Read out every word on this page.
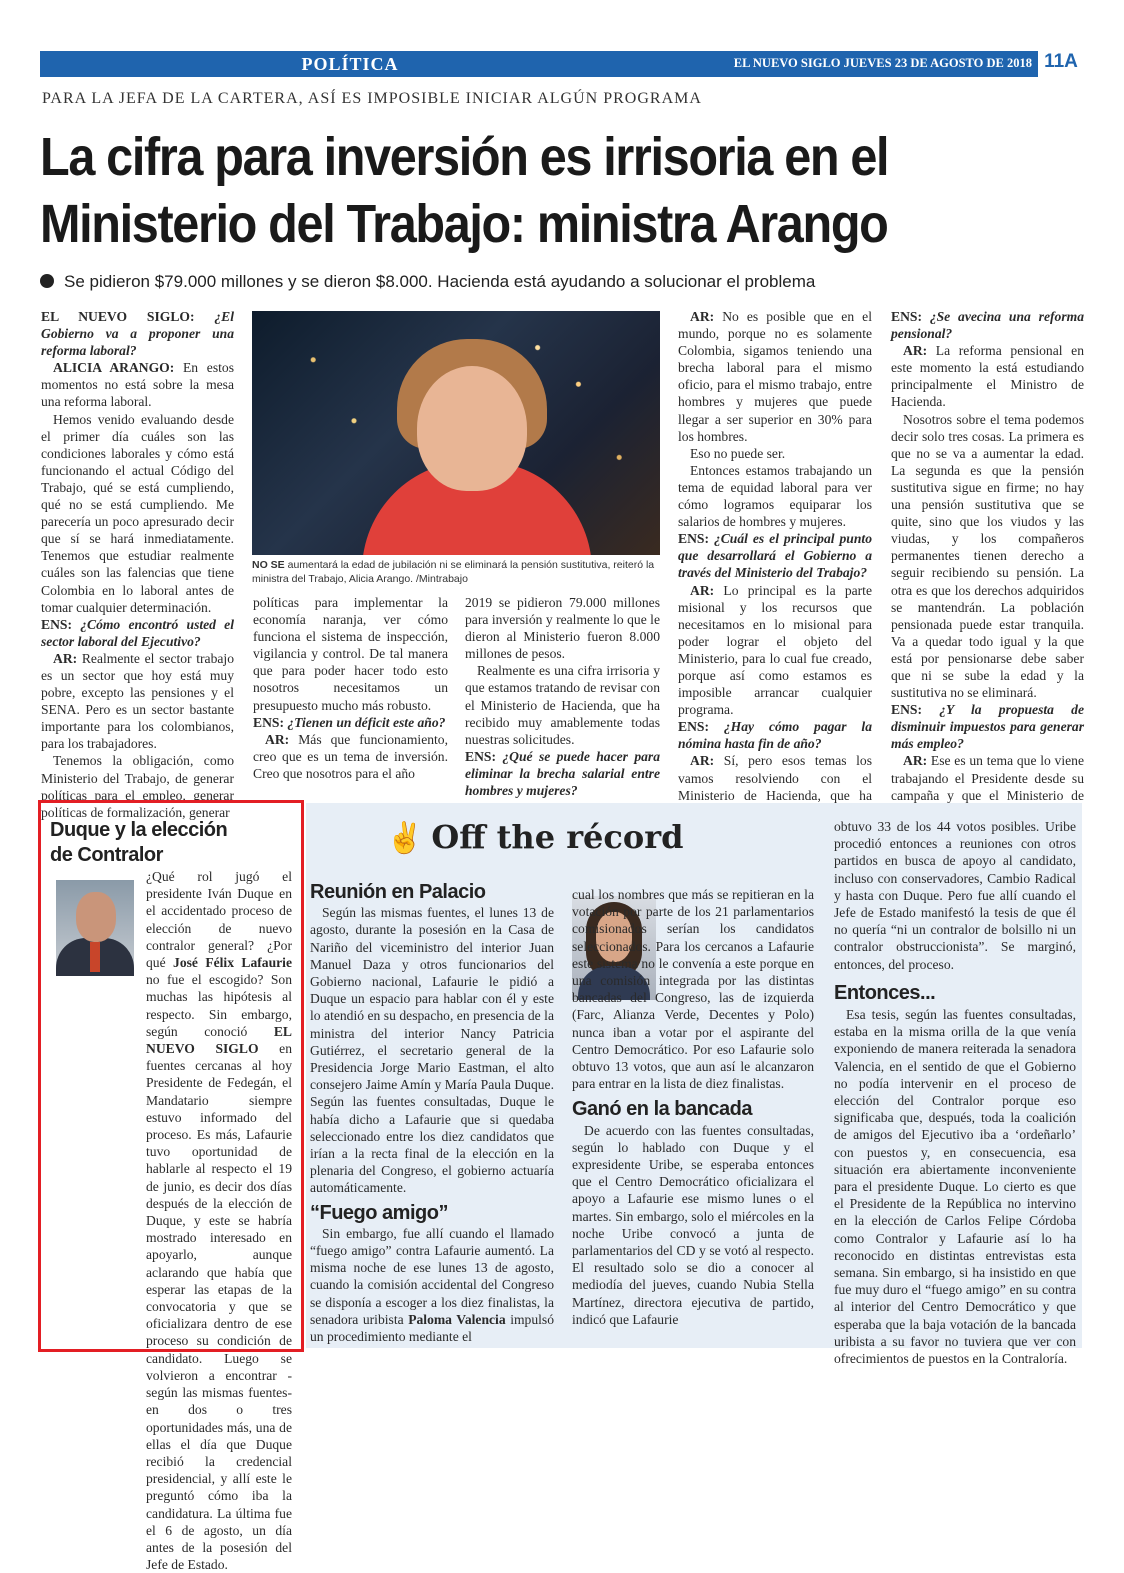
POLÍTICA	EL NUEVO SIGLO JUEVES 23 DE AGOSTO DE 2018 11A
PARA LA JEFA DE LA CARTERA, ASÍ ES IMPOSIBLE INICIAR ALGÚN PROGRAMA
La cifra para inversión es irrisoria en el
Ministerio del Trabajo: ministra Arango
Se pidieron $79.000 millones y se dieron $8.000. Hacienda está ayudando a solucionar el problema

EL NUEVO SIGLO: ¿El Gobierno va a proponer una reforma laboral?

ALICIA ARANGO: En estos momentos no está sobre la mesa una reforma laboral.

Hemos venido evaluando desde el primer día cuáles son las condiciones laborales y cómo está funcionando el actual Código del Trabajo, qué se está cumpliendo, qué no se está cumpliendo. Me parecería un poco apresurado decir que sí se hará inmediatamente. Tenemos que estudiar realmente cuáles son las falencias que tiene Colombia en lo laboral antes de tomar cualquier determinación.

ENS: ¿Cómo encontró usted el sector laboral del Ejecutivo?

AR: Realmente el sector trabajo es un sector que hoy está muy pobre, excepto las pensiones y el SENA. Pero es un sector bastante importante para los colombianos, para los trabajadores.

Tenemos la obligación, como Ministerio del Trabajo, de generar políticas para el empleo, generar políticas de formalización, generar

NO SE aumentará la edad de jubilación ni se eliminará la pensión sustitutiva, reiteró la ministra del Trabajo, Alicia Arango. /Mintrabajo

políticas para implementar la economía naranja, ver cómo funciona el sistema de inspección, vigilancia y control. De tal manera que para poder hacer todo esto nosotros necesitamos un presupuesto mucho más robusto.

ENS: ¿Tienen un déficit este año?

AR: Más que funcionamiento, creo que es un tema de inversión. Creo que nosotros para el año

2019 se pidieron 79.000 millones para inversión y realmente lo que le dieron al Ministerio fueron 8.000 millones de pesos.

Realmente es una cifra irrisoria y que estamos tratando de revisar con el Ministerio de Hacienda, que ha recibido muy amablemente todas nuestras solicitudes.

ENS: ¿Qué se puede hacer para eliminar la brecha salarial entre hombres y mujeres?

AR: No es posible que en el mundo, porque no es solamente Colombia, sigamos teniendo una brecha laboral para el mismo oficio, para el mismo trabajo, entre hombres y mujeres que puede llegar a ser superior en 30% para los hombres.

Eso no puede ser.

Entonces estamos trabajando un tema de equidad laboral para ver cómo logramos equiparar los salarios de hombres y mujeres.

ENS: ¿Cuál es el principal punto que desarrollará el Gobierno a través del Ministerio del Trabajo?

AR: Lo principal es la parte misional y los recursos que necesitamos en lo misional para poder lograr el objeto del Ministerio, para lo cual fue creado, porque así como estamos es imposible arrancar cualquier programa.

ENS: ¿Hay cómo pagar la nómina hasta fin de año?

AR: Sí, pero esos temas los vamos resolviendo con el Ministerio de Hacienda, que ha

ENS: ¿Se avecina una reforma pensional?

AR: La reforma pensional en este momento la está estudiando principalmente el Ministro de Hacienda.

Nosotros sobre el tema podemos decir solo tres cosas. La primera es que no se va a aumentar la edad. La segunda es que la pensión sustitutiva sigue en firme; no hay una pensión sustitutiva que se quite, sino que los viudos y las viudas, y los compañeros permanentes tienen derecho a seguir recibiendo su pensión. La otra es que los derechos adquiridos se mantendrán. La población pensionada puede estar tranquila. Va a quedar todo igual y la que está por pensionarse debe saber que ni se sube la edad y la sustitutiva no se eliminará.

ENS: ¿Y la propuesta de disminuir impuestos para generar más empleo?

AR: Ese es un tema que lo viene trabajando el Presidente desde su campaña y que el Ministerio de

Duque y la elección de Contralor

¿Qué rol jugó el presidente Iván Duque en el accidentado proceso de elección de nuevo contralor general? ¿Por qué José Félix Lafaurie no fue el escogido? Son muchas las hipótesis al respecto. Sin embargo, según conoció EL NUEVO SIGLO en fuentes cercanas al hoy Presidente de Fedegán, el Mandatario siempre estuvo informado del proceso. Es más, Lafaurie tuvo oportunidad de hablarle al respecto el 19 de junio, es decir dos días después de la elección de Duque, y este se habría mostrado interesado en apoyarlo, aunque aclarando que había que esperar las etapas de la convocatoria y que se oficializara dentro de ese proceso su condición de candidato. Luego se volvieron a encontrar -según las mismas fuentes- en dos o tres oportunidades más, una de ellas el día que Duque recibió la credencial presidencial, y allí este le preguntó cómo iba la candidatura. La última fue el 6 de agosto, un día antes de la posesión del Jefe de Estado.

✌ Off the récord
Reunión en Palacio

Según las mismas fuentes, el lunes 13 de agosto, durante la posesión en la Casa de Nariño del viceministro del interior Juan Manuel Daza y otros funcionarios del Gobierno nacional, Lafaurie le pidió a Duque un espacio para hablar con él y este lo atendió en su despacho, en presencia de la ministra del interior Nancy Patricia Gutiérrez, el secretario general de la Presidencia Jorge Mario Eastman, el alto consejero Jaime Amín y María Paula Duque. Según las fuentes consultadas, Duque le había dicho a Lafaurie que si quedaba seleccionado entre los diez candidatos que irían a la recta final de la elección en la plenaria del Congreso, el gobierno actuaría automáticamente.

“Fuego amigo”

Sin embargo, fue allí cuando el llamado “fuego amigo” contra Lafaurie aumentó. La misma noche de ese lunes 13 de agosto, cuando la comisión accidental del Congreso se disponía a escoger a los diez finalistas, la senadora uribista Paloma Valencia impulsó un procedimiento mediante el

cual los nombres que más se repitieran en la votación por parte de los 21 parlamentarios comisionados serían los candidatos seleccionados. Para los cercanos a Lafaurie este sistema no le convenía a este porque en una comisión integrada por las distintas bancadas del Congreso, las de izquierda (Farc, Alianza Verde, Decentes y Polo) nunca iban a votar por el aspirante del Centro Democrático. Por eso Lafaurie solo obtuvo 13 votos, que aun así le alcanzaron para entrar en la lista de diez finalistas.

Ganó en la bancada

De acuerdo con las fuentes consultadas, según lo hablado con Duque y el expresidente Uribe, se esperaba entonces que el Centro Democrático oficializara el apoyo a Lafaurie ese mismo lunes o el martes. Sin embargo, solo el miércoles en la noche Uribe convocó a junta de parlamentarios del CD y se votó al respecto. El resultado solo se dio a conocer al mediodía del jueves, cuando Nubia Stella Martínez, directora ejecutiva de partido, indicó que Lafaurie

obtuvo 33 de los 44 votos posibles. Uribe procedió entonces a reuniones con otros partidos en busca de apoyo al candidato, incluso con conservadores, Cambio Radical y hasta con Duque. Pero fue allí cuando el Jefe de Estado manifestó la tesis de que él no quería “ni un contralor de bolsillo ni un contralor obstruccionista”. Se marginó, entonces, del proceso.

Entonces...

Esa tesis, según las fuentes consultadas, estaba en la misma orilla de la que venía exponiendo de manera reiterada la senadora Valencia, en el sentido de que el Gobierno no podía intervenir en el proceso de elección del Contralor porque eso significaba que, después, toda la coalición de amigos del Ejecutivo iba a ‘ordeñarlo’ con puestos y, en consecuencia, esa situación era abiertamente inconveniente para el presidente Duque. Lo cierto es que el Presidente de la República no intervino en la elección de Carlos Felipe Córdoba como Contralor y Lafaurie así lo ha reconocido en distintas entrevistas esta semana. Sin embargo, si ha insistido en que fue muy duro el “fuego amigo” en su contra al interior del Centro Democrático y que esperaba que la baja votación de la bancada uribista a su favor no tuviera que ver con ofrecimientos de puestos en la Contraloría.
